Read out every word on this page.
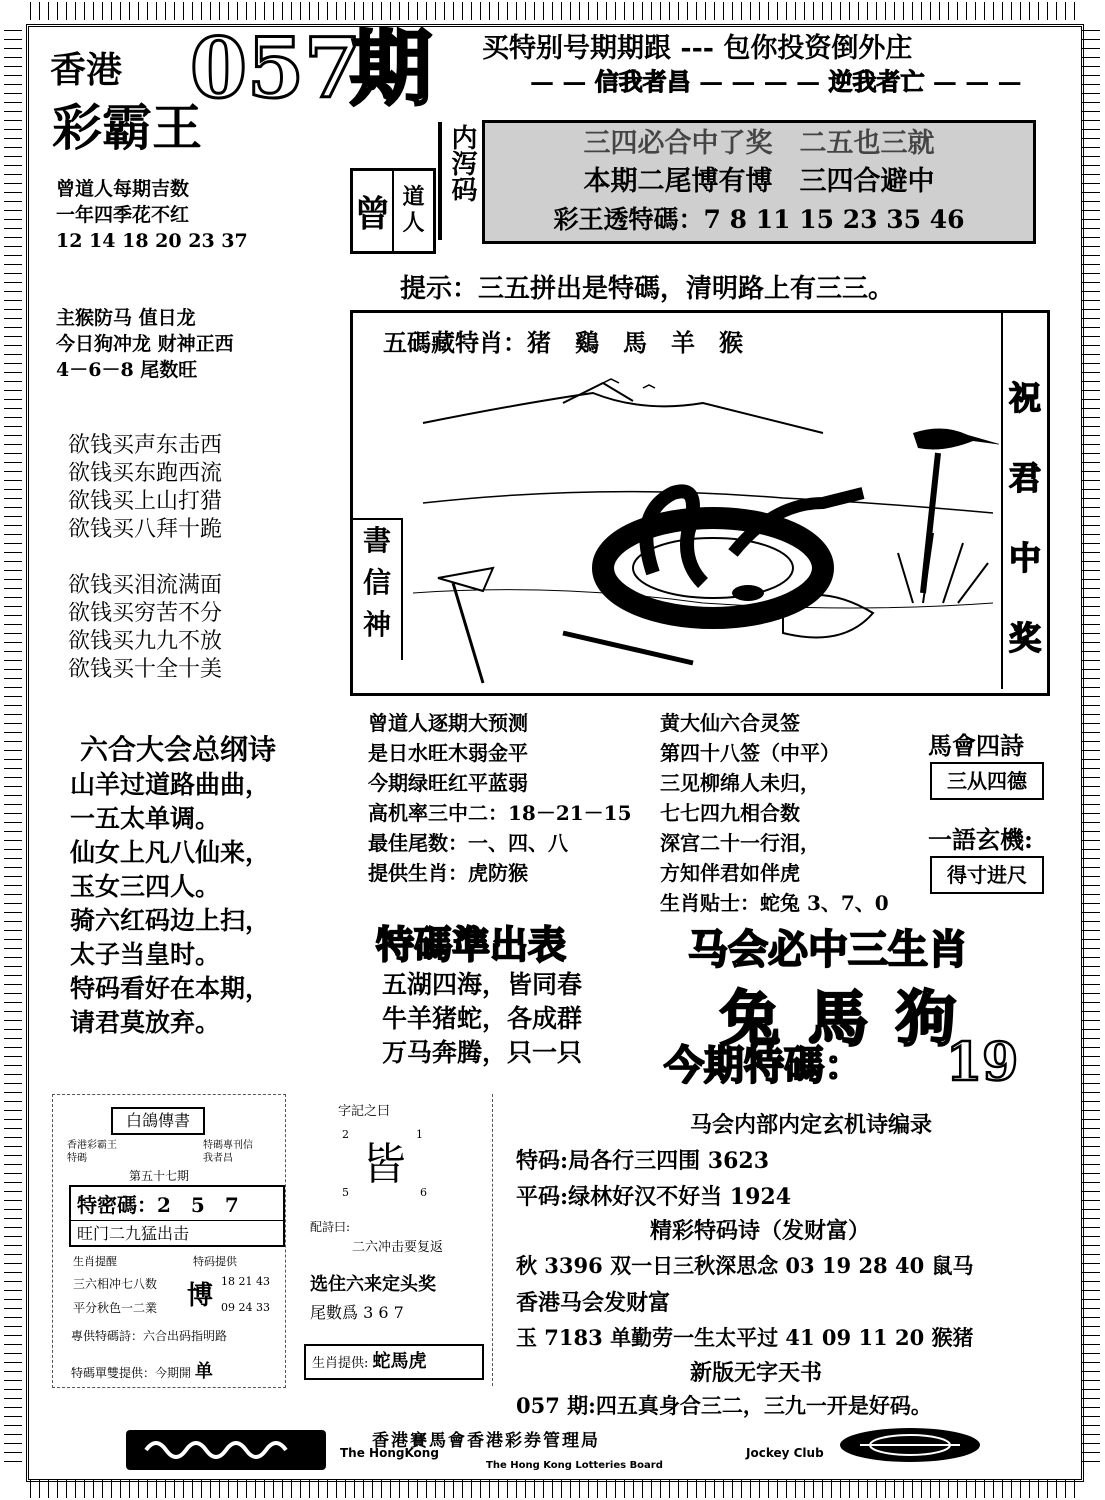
香港 057
期
彩霸王
买特别号期期跟 --- 包你投资倒外庄
— — 信我者昌 — — — — 逆我者亡 — — —
曾道人每期吉数
一年四季花不红
12 14 18 20 23 37
主猴防马 值日龙
今日狗冲龙 财神正西
4－6－8 尾数旺
欲钱买声东击西
欲钱买东跑西流
欲钱买上山打猎
欲钱买八拜十跪
欲钱买泪流满面
欲钱买穷苦不分
欲钱买九九不放
欲钱买十全十美
曾 道
人
内泻码	三四必合中了奖　二五也三就
本期二尾博有博　三四合避中
彩王透特碼：7 8 11 15 23 35 46
提示：三五拼出是特碼，清明路上有三三。
五碼藏特肖：猪　鷄　馬　羊　猴
書
信
神
祝
君
中
奖
六合大会总纲诗
山羊过道路曲曲，
一五太单调。
仙女上凡八仙来，
玉女三四人。
骑六红码边上扫，
太子当皇时。
特码看好在本期，
请君莫放弃。
曾道人逐期大预测
是日水旺木弱金平
今期绿旺红平蓝弱
高机率三中二：18－21－15
最佳尾数：一、四、八
提供生肖：虎防猴
黄大仙六合灵签
第四十八签（中平）
三见柳绵人未归，
七七四九相合数
深宫二十一行泪，
方知伴君如伴虎
生肖贴士：蛇兔 3、7、0
馬會四詩
三从四德
一語玄機:
得寸进尺
特碼準出表
五湖四海，皆同春
牛羊猪蛇，各成群
万马奔腾，只一只
马会必中三生肖
兔馬狗
今期特碼： 19
白鴿傳書
香港彩霸王特碼
特碼專刊信我者昌
第五十七期
特密碼：2　5　7
旺门二九猛出击
生肖提醒
三六相冲七八数
平分秋色一二業
特码提供
博 18 21 43
09 24 33
專供特碼詩：六合出码指明路
特碼單雙提供：今期開 单
字記之曰
2	1
5	6
皆
配詩曰:
二六冲击要复返
选住六来定头奖
尾數爲 3 6 7
生肖提供: 蛇馬虎
马会内部内定玄机诗编录
特码:局各行三四围 3623
平码:绿林好汉不好当 1924
精彩特码诗（发财富）
秋 3396 双一日三秋深思念 03 19 28 40 鼠马
香港马会发财富
玉 7183 单勤劳一生太平过 41 09 11 20 猴猪
新版无字天书
057 期:四五真身合三二，三九一开是好码。
香港賽馬會香港彩券管理局
The HongKong	Jockey Club
The Hong Kong Lotteries Board
